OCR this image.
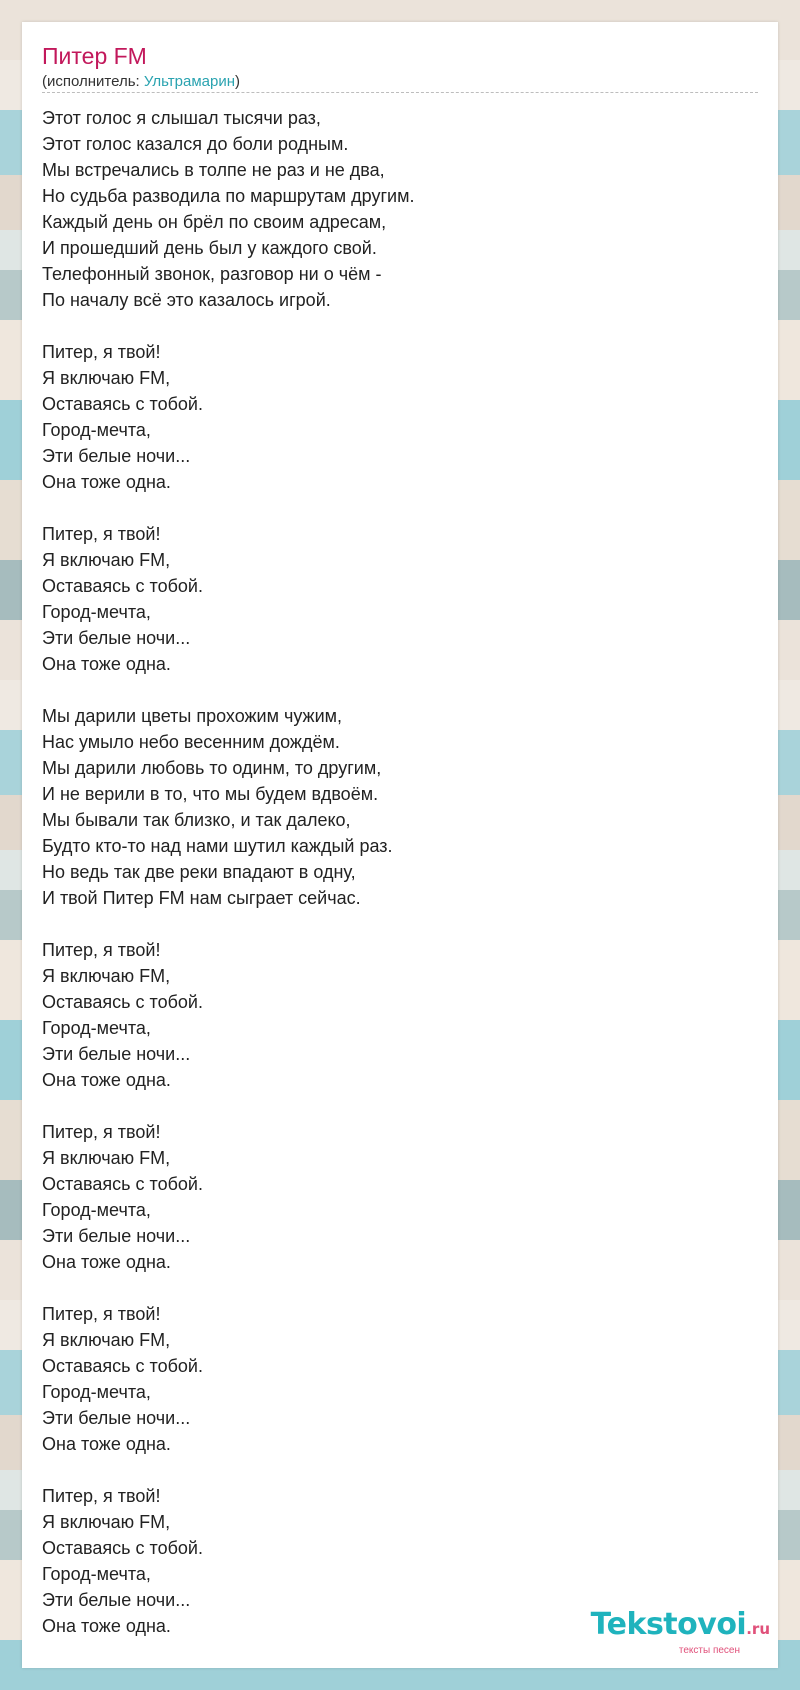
Питер FM
(исполнитель: Ультрамарин)
Этот голос я слышал тысячи раз,
Этот голос казался до боли родным.
Мы встречались в толпе не раз и не два,
Но судьба разводила по маршрутам другим.
Каждый день он брёл по своим адресам,
И прошедший день был у каждого свой.
Телефонный звонок, разговор ни о чём -
По началу всё это казалось игрой.
Питер, я твой!
Я включаю FM,
Оставаясь с тобой.
Город-мечта,
Эти белые ночи...
Она тоже одна.
Питер, я твой!
Я включаю FM,
Оставаясь с тобой.
Город-мечта,
Эти белые ночи...
Она тоже одна.
Мы дарили цветы прохожим чужим,
Нас умыло небо весенним дождём.
Мы дарили любовь то одинм, то другим,
И не верили в то, что мы будем вдвоём.
Мы бывали так близко, и так далеко,
Будто кто-то над нами шутил каждый раз.
Но ведь так две реки впадают в одну,
И твой Питер FM нам сыграет сейчас.
Питер, я твой!
Я включаю FM,
Оставаясь с тобой.
Город-мечта,
Эти белые ночи...
Она тоже одна.
Питер, я твой!
Я включаю FM,
Оставаясь с тобой.
Город-мечта,
Эти белые ночи...
Она тоже одна.
Питер, я твой!
Я включаю FM,
Оставаясь с тобой.
Город-мечта,
Эти белые ночи...
Она тоже одна.
Питер, я твой!
Я включаю FM,
Оставаясь с тобой.
Город-мечта,
Эти белые ночи...
Она тоже одна.	Tekstovoi.ru
тексты песен
